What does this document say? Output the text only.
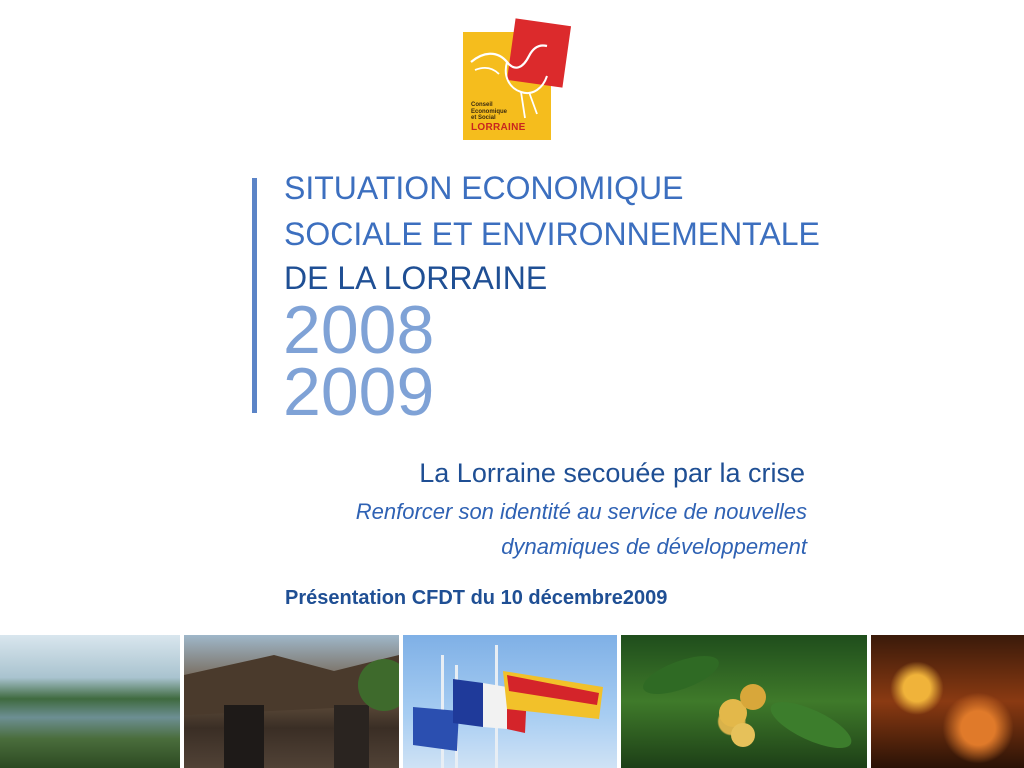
Conseil
Economique
et Social
LORRAINE
SITUATION ECONOMIQUE
SOCIALE ET ENVIRONNEMENTALE
DE LA LORRAINE
2008
2009
La Lorraine secouée par la crise
Renforcer son identité au service de nouvelles
dynamiques de développement
Présentation CFDT du 10 décembre2009
